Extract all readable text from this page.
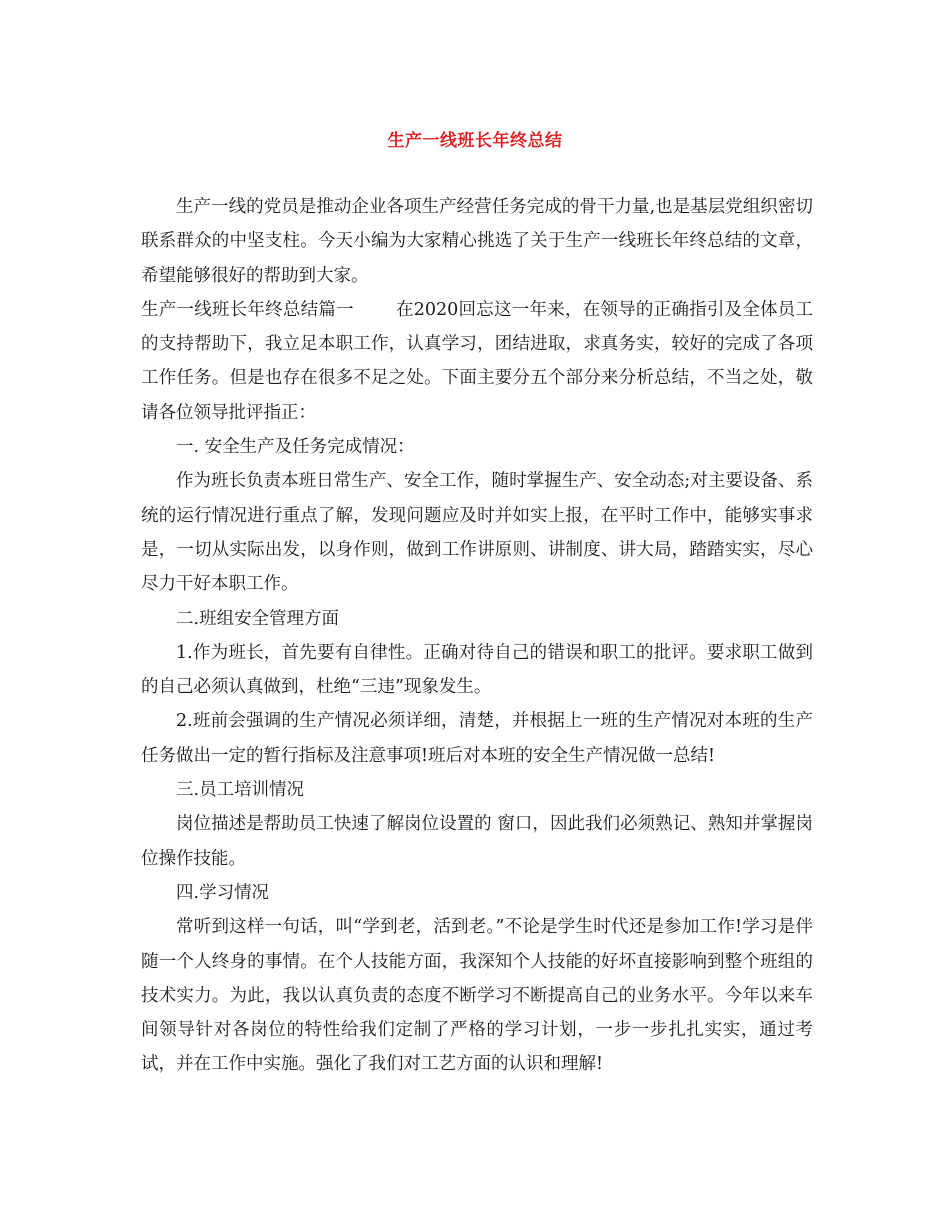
生产一线班长年终总结

生产一线的党员是推动企业各项生产经营任务完成的骨干力量,也是基层党组织密切联系群众的中坚支柱。今天小编为大家精心挑选了关于生产一线班长年终总结的文章，希望能够很好的帮助到大家。

生产一线班长年终总结篇一 在2020回忘这一年来，在领导的正确指引及全体员工的支持帮助下，我立足本职工作，认真学习，团结进取，求真务实，较好的完成了各项工作任务。但是也存在很多不足之处。下面主要分五个部分来分析总结，不当之处，敬请各位领导批评指正：

一. 安全生产及任务完成情况：

作为班长负责本班日常生产、安全工作，随时掌握生产、安全动态;对主要设备、系统的运行情况进行重点了解，发现问题应及时并如实上报，在平时工作中，能够实事求是，一切从实际出发，以身作则，做到工作讲原则、讲制度、讲大局，踏踏实实，尽心尽力干好本职工作。

二.班组安全管理方面

1.作为班长，首先要有自律性。正确对待自己的错误和职工的批评。要求职工做到的自己必须认真做到，杜绝“三违”现象发生。

2.班前会强调的生产情况必须详细，清楚，并根据上一班的生产情况对本班的生产任务做出一定的暂行指标及注意事项!班后对本班的安全生产情况做一总结!

三.员工培训情况

岗位描述是帮助员工快速了解岗位设置的 窗口，因此我们必须熟记、熟知并掌握岗位操作技能。

四.学习情况

常听到这样一句话，叫“学到老，活到老。”不论是学生时代还是参加工作!学习是伴随一个人终身的事情。在个人技能方面，我深知个人技能的好坏直接影响到整个班组的技术实力。为此，我以认真负责的态度不断学习不断提高自己的业务水平。今年以来车间领导针对各岗位的特性给我们定制了严格的学习计划，一步一步扎扎实实，通过考试，并在工作中实施。强化了我们对工艺方面的认识和理解!
